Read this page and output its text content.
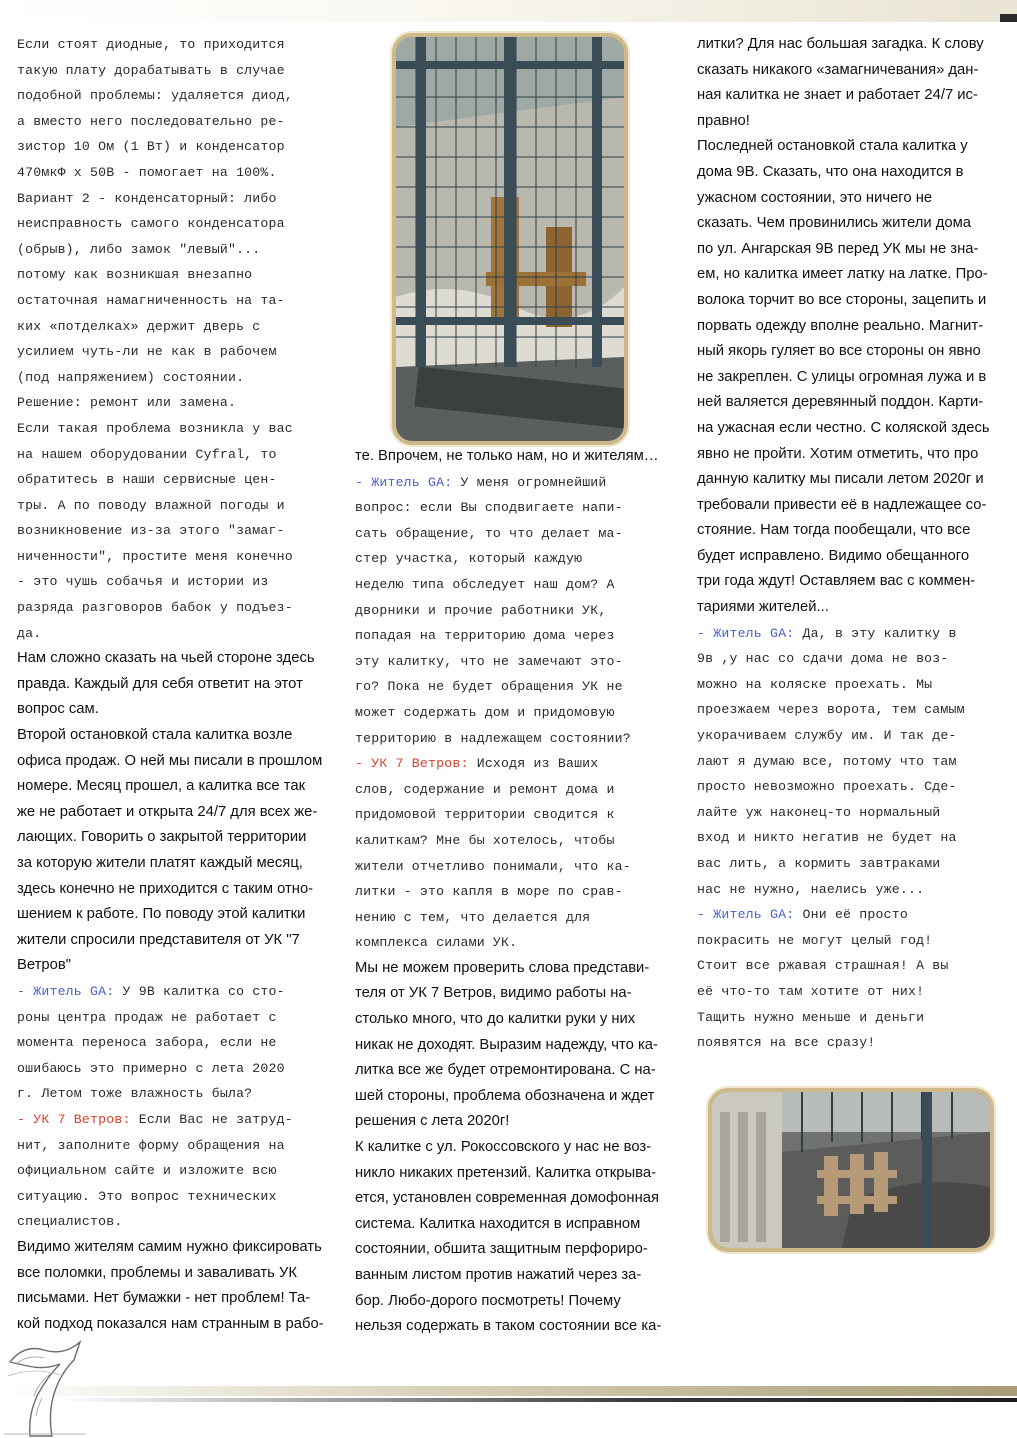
Если стоят диодные, то приходится
такую плату дорабатывать в случае
подобной проблемы: удаляется диод,
а вместо него последовательно ре-
зистор 10 Ом (1 Вт) и конденсатор
470мкФ х 50В - помогает на 100%.
Вариант 2 - конденсаторный: либо
неисправность самого конденсатора
(обрыв), либо замок "левый"...
потому как возникшая внезапно
остаточная намагниченность на та-
ких «потделках» держит дверь с
усилием чуть-ли не как в рабочем
(под напряжением) состоянии.
Решение: ремонт или замена.
Если такая проблема возникла у вас
на нашем оборудовании Cyfral, то
обратитесь в наши сервисные цен-
тры. А по поводу влажной погоды и
возникновение из-за этого "замаг-
ниченности", простите меня конечно
- это чушь собачья и истории из
разряда разговоров бабок у подъез-
да.
Нам сложно сказать на чьей стороне здесь
правда. Каждый для себя ответит на этот
вопрос сам.
Второй остановкой стала калитка возле
офиса продаж. О ней мы писали в прошлом
номере. Месяц прошел, а калитка все так
же не работает и открыта 24/7 для всех же-
лающих. Говорить о закрытой территории
за которую жители платят каждый месяц,
здесь конечно не приходится с таким отно-
шением к работе. По поводу этой калитки
жители спросили представителя от УК "7
Ветров"
- Житель GA: У 9В калитка со сто-
роны центра продаж не работает с
момента переноса забора, если не
ошибаюсь это примерно с лета 2020
г. Летом тоже влажность была?
- УК 7 Ветров: Если Вас не затруд-
нит, заполните форму обращения на
официальном сайте и изложите всю
ситуацию. Это вопрос технических
специалистов.
Видимо жителям самим нужно фиксировать
все поломки, проблемы и заваливать УК
письмами. Нет бумажки - нет проблем! Та-
кой подход показался нам странным в рабо-
те. Впрочем, не только нам, но и жителям…
- Житель GA: У меня огромнейший
вопрос: если Вы сподвигаете напи-
сать обращение, то что делает ма-
стер участка, который каждую
неделю типа обследует наш дом? А
дворники и прочие работники УК,
попадая на территорию дома через
эту калитку, что не замечают это-
го? Пока не будет обращения УК не
может содержать дом и придомовую
территорию в надлежащем состоянии?
- УК 7 Ветров: Исходя из Ваших
слов, содержание и ремонт дома и
придомовой территории сводится к
калиткам? Мне бы хотелось, чтобы
жители отчетливо понимали, что ка-
литки - это капля в море по срав-
нению с тем, что делается для
комплекса силами УК.
Мы не можем проверить слова представи-
теля от УК 7 Ветров, видимо работы на-
столько много, что до калитки руки у них
никак не доходят. Выразим надежду, что ка-
литка все же будет отремонтирована. С на-
шей стороны, проблема обозначена и ждет
решения с лета 2020г!
К калитке с ул. Рокоссовского у нас не воз-
никло никаких претензий. Калитка открыва-
ется, установлен современная домофонная
система. Калитка находится в исправном
состоянии, обшита защитным перфориро-
ванным листом против нажатий через за-
бор. Любо-дорого посмотреть! Почему
нельзя содержать в таком состоянии все ка-
литки? Для нас большая загадка. К слову
сказать никакого «замагничевания» дан-
ная калитка не знает и работает 24/7 ис-
правно!
Последней остановкой стала калитка у
дома 9В. Сказать, что она находится в
ужасном состоянии, это ничего не
сказать. Чем провинились жители дома
по ул. Ангарская 9В перед УК мы не зна-
ем, но калитка имеет латку на латке. Про-
волока торчит во все стороны, зацепить и
порвать одежду вполне реально. Магнит-
ный якорь гуляет во все стороны он явно
не закреплен. С улицы огромная лужа и в
ней валяется деревянный поддон. Карти-
на ужасная если честно. С коляской здесь
явно не пройти. Хотим отметить, что про
данную калитку мы писали летом 2020г и
требовали привести её в надлежащее со-
стояние. Нам тогда пообещали, что все
будет исправлено. Видимо обещанного
три года ждут! Оставляем вас с коммен-
тариями жителей...
- Житель GA: Да, в эту калитку в
9в ,у нас со сдачи дома не воз-
можно на коляске проехать. Мы
проезжаем через ворота, тем самым
укорачиваем службу им. И так де-
лают я думаю все, потому что там
просто невозможно проехать. Сде-
лайте уж наконец-то нормальный
вход и никто негатив не будет на
вас лить, а кормить завтраками
нас не нужно, наелись уже...
- Житель GA: Они её просто
покрасить не могут целый год!
Стоит все ржавая страшная! А вы
её что-то там хотите от них!
Тащить нужно меньше и деньги
появятся на все сразу!
